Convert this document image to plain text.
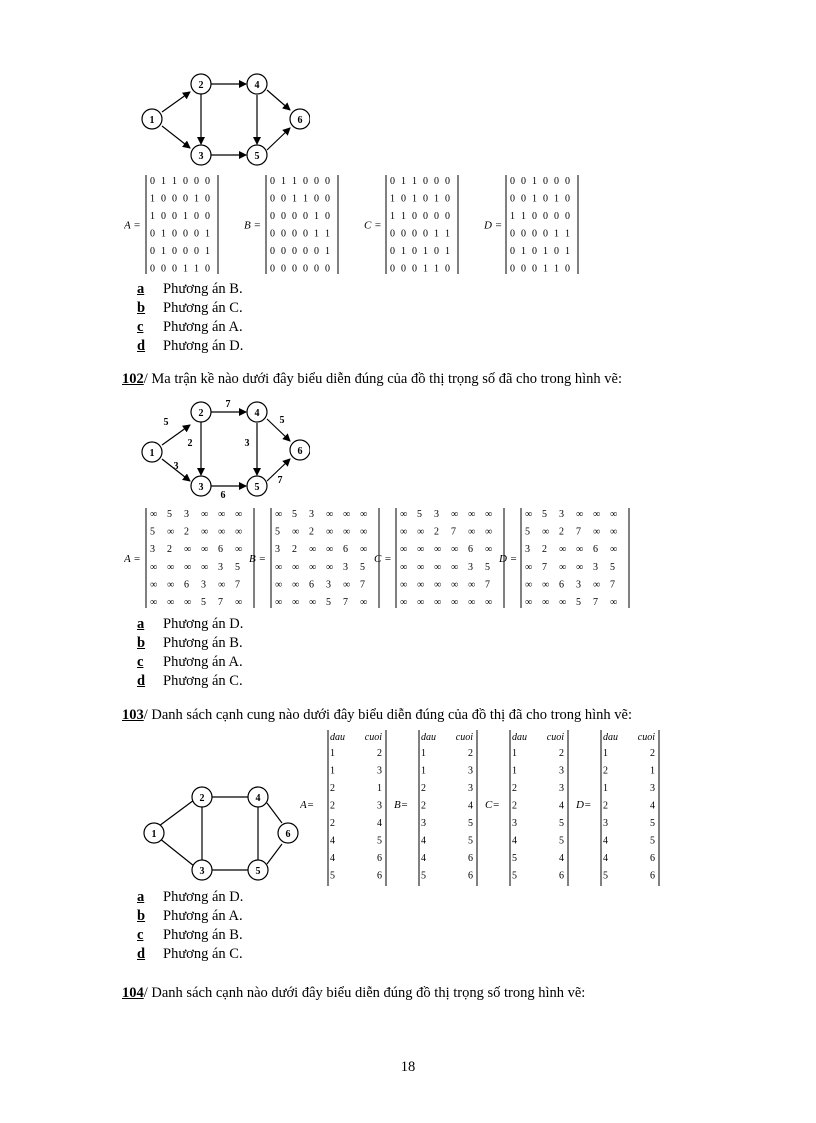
1
2	4
3	5
6
A =
0 1 1 0 0 0
1 0 0 0 1 0
1 0 0 1 0 0
0 1 0 0 0 1
0 1 0 0 0 1
0 0 0 1 1 0
B =
0 1 1 0 0 0
0 0 1 1 0 0
0 0 0 0 1 0
0 0 0 0 1 1
0 0 0 0 0 1
0 0 0 0 0 0
C =
0 1 1 0 0 0
1 0 1 0 1 0
1 1 0 0 0 0
0 0 0 0 1 1
0 1 0 1 0 1
0 0 0 1 1 0
D =
0 0 1 0 0 0
0 0 1 0 1 0
1 1 0 0 0 0
0 0 0 0 1 1
0 1 0 1 0 1
0 0 0 1 1 0
a Phương án B.
b Phương án C.
c Phương án A.
d Phương án D.
102/ Ma trận kề nào dưới đây biểu diễn đúng của đồ thị trọng số đã cho trong hình vẽ:
1
2	4
3	5
6
5
7
5
2
3
3
6
7
A =
∞ 5 3 ∞ ∞ ∞
5 ∞ 2 ∞ ∞ ∞
3 2 ∞ ∞ 6 ∞
∞ ∞ ∞ ∞ 3 5
∞ ∞ 6 3 ∞ 7
∞ ∞ ∞ 5 7 ∞
B =
∞ 5 3 ∞ ∞ ∞
5 ∞ 2 ∞ ∞ ∞
3 2 ∞ ∞ 6 ∞
∞ ∞ ∞ ∞ 3 5
∞ ∞ 6 3 ∞ 7
∞ ∞ ∞ 5 7 ∞
C =
∞ 5 3 ∞ ∞ ∞
∞ ∞ 2 7 ∞ ∞
∞ ∞ ∞ ∞ 6 ∞
∞ ∞ ∞ ∞ 3 5
∞ ∞ ∞ ∞ ∞ 7
∞ ∞ ∞ ∞ ∞ ∞
D =
∞ 5 3 ∞ ∞ ∞
5 ∞ 2 7 ∞ ∞
3 2 ∞ ∞ 6 ∞
∞ 7 ∞ ∞ 3 5
∞ ∞ 6 3 ∞ 7
∞ ∞ ∞ 5 7 ∞
a Phương án D.
b Phương án B.
c Phương án A.
d Phương án C.
103/ Danh sách cạnh cung nào dưới đây biểu diễn đúng của đồ thị đã cho trong hình vẽ:
1
2	4
3	5
6
A=
dau cuoi
1	2
1	3
2	1
2	3
2	4
4	5
4	6
5	6
B=
dau cuoi
1	2
1	3
2	3
2	4
3	5
4	5
4	6
5	6
C=
dau cuoi
1	2
1	3
2	3
2	4
3	5
4	5
5	4
5	6
D=
dau cuoi
1	2
2	1
1	3
2	4
3	5
4	5
4	6
5	6
a Phương án D.
b Phương án A.
c Phương án B.
d Phương án C.
104/ Danh sách cạnh nào dưới đây biểu diễn đúng đồ thị trọng số trong hình vẽ:
18
